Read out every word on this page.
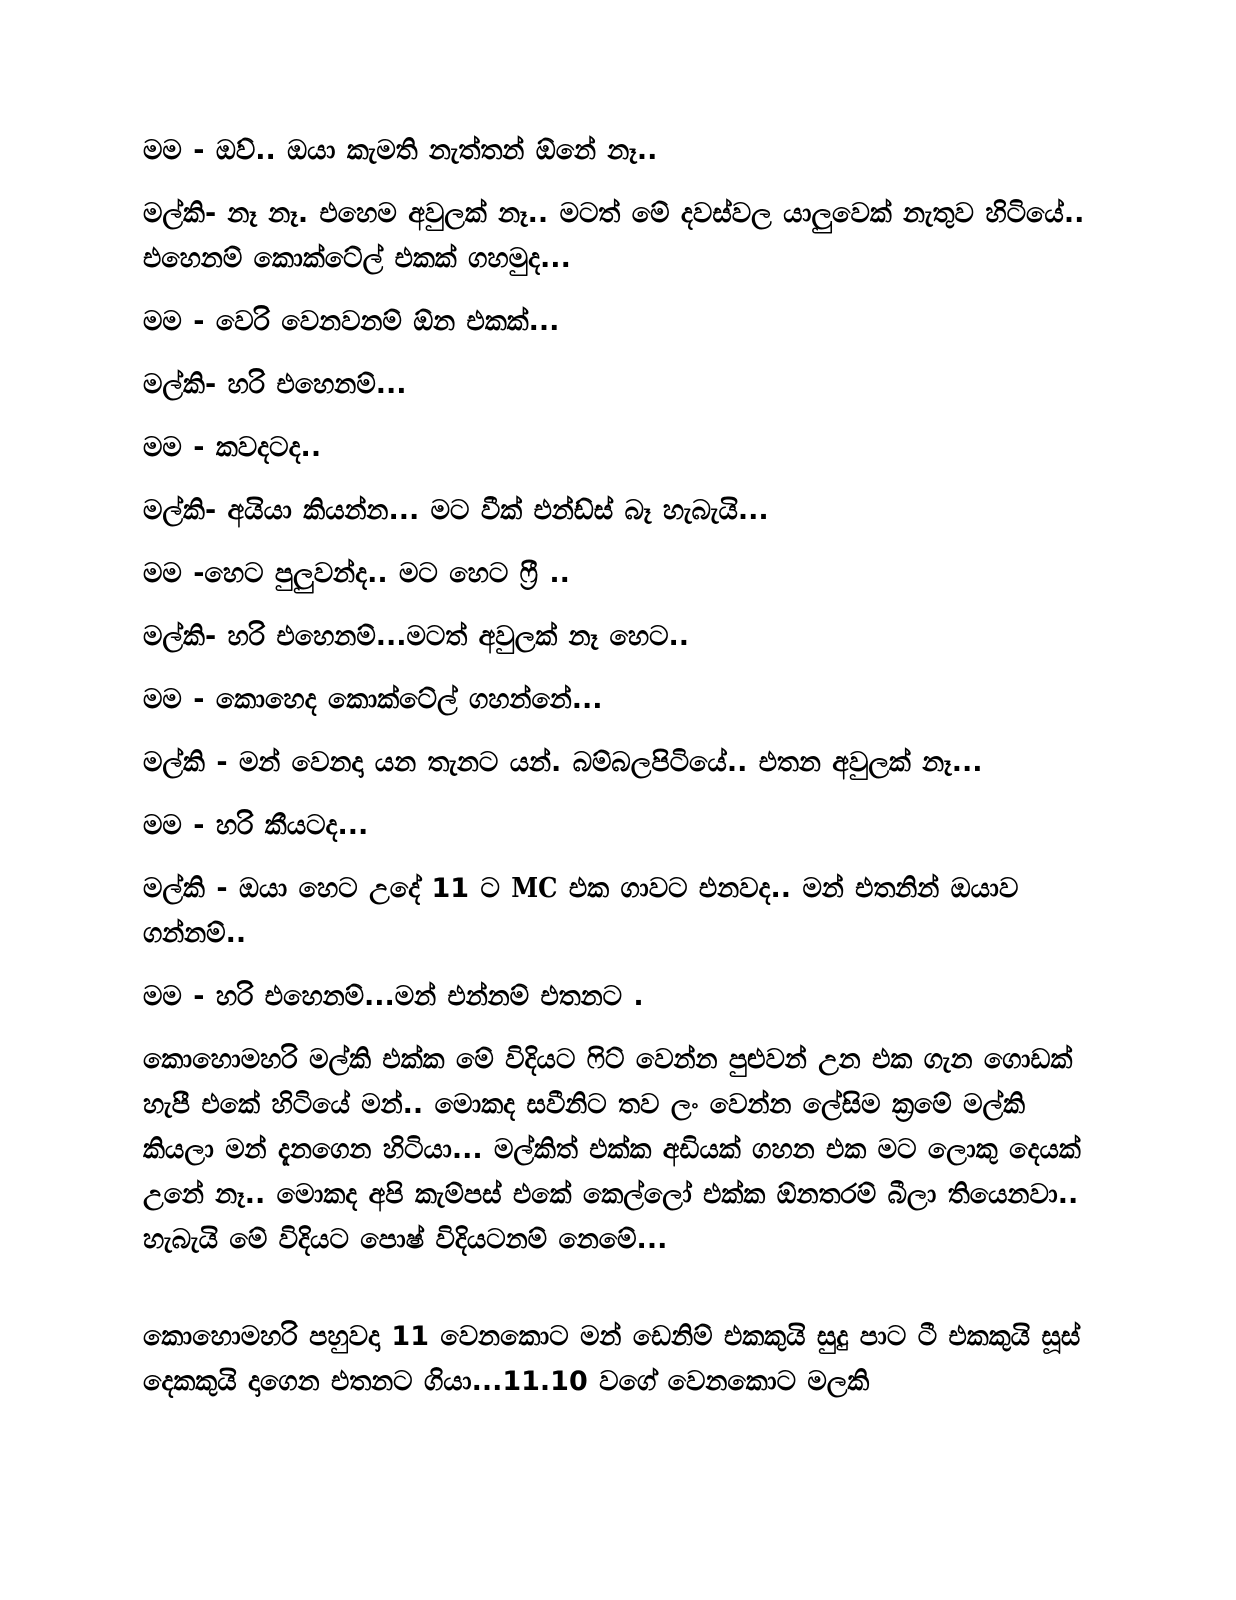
මම - ඔව්.. ඔයා කැමති නැත්තන් ඕනේ නෑ..

මල්කි- නෑ නෑ. එහෙම අවුලක් නෑ.. මටත් මේ දවස්වල යාලුවෙක් නැතුව හිටියේ.. එහෙනම් කොක්ටේල් එකක් ගහමුද...

මම - වෙරි වෙනවනම් ඕන එකක්...

මල්කි- හරි එහෙනම්...

මම - කවදටද..

මල්කි- අයියා කියන්න... මට වීක් එන්ඩ්ස් බෑ හැබැයි...

මම -හෙට පුලුවන්ද.. මට හෙට ෆ්‍රී ..

මල්කි- හරි එහෙනම්...මටත් අවුලක් නෑ හෙට..

මම - කොහෙද කොක්ටේල් ගහන්නේ...

මල්කි - මන් වෙනදා යන තැනට යන්. බම්බලපිටියේ.. එතන අවුලක් නෑ...

මම - හරි කීයටද...

මල්කි - ඔයා හෙට උදේ 11 ට MC එක ගාවට එනවද.. මන් එතනින් ඔයාව ගන්නම්..

මම - හරි එහෙනම්...මන් එන්නම් එතනට .

කොහොමහරි මල්කි එක්ක මේ විදියට ෆිට් වෙන්න පුළුවන් උන එක ගැන ගොඩක් හැපී එකේ හිටියේ මන්.. මොකද සවීනිට තව ලං වෙන්න ලේසිම ක්‍රමේ මල්කි කියලා මන් දැනගෙන හිටියා... මල්කිත් එක්ක අඩියක් ගහන එක මට ලොකු දෙයක් උනේ නෑ.. මොකද අපි කැම්පස් එකේ කෙල්ලෝ එක්ක ඕනතරම් බීලා තියෙනවා.. හැබැයි මේ විදියට පොෂ් විදියටනම් නෙමේ...

කොහොමහරි පහුවදා 11 වෙනකොට මන් ඩෙනිම් එකකුයි සුදු පාට ටී එකකුයි සූස් දෙකකුයි දාගෙන එතනට ගියා...11.10 වගේ වෙනකොට මලකි
